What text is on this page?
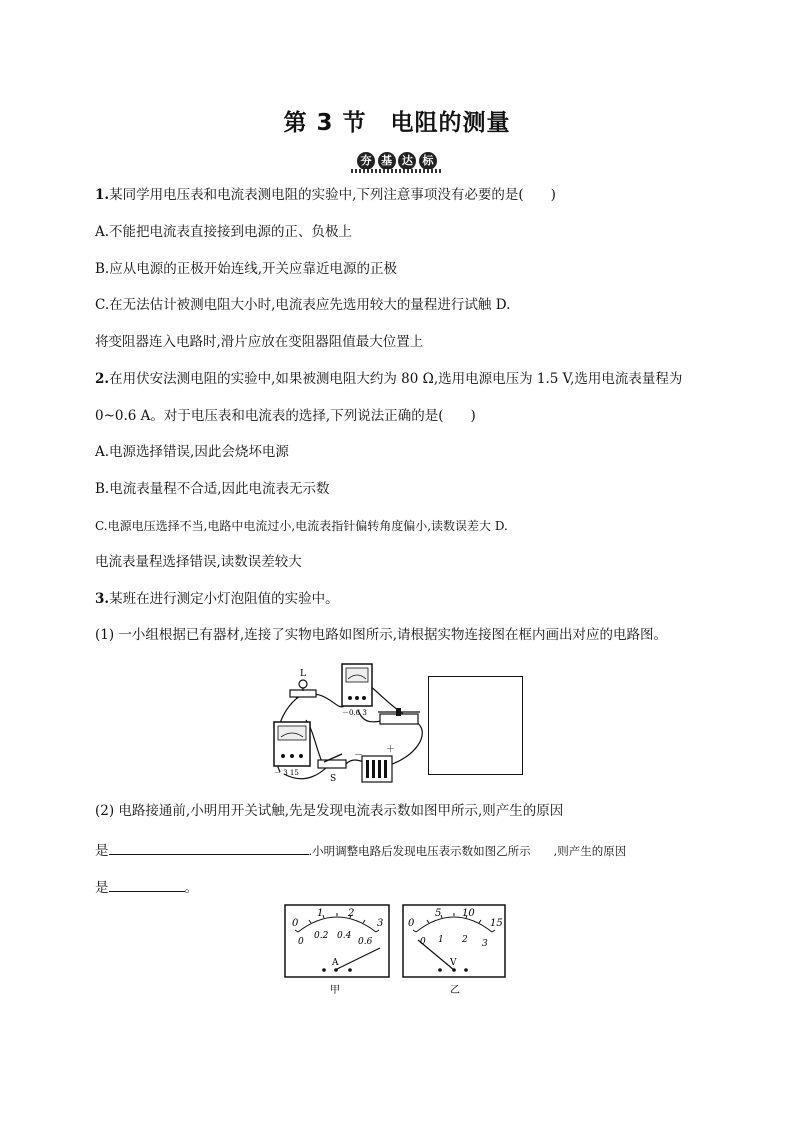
第 3 节　电阻的测量
夯 基 达 标
1.某同学用电压表和电流表测电阻的实验中,下列注意事项没有必要的是(　　)
A.不能把电流表直接接到电源的正、负极上
B.应从电源的正极开始连线,开关应靠近电源的正极
C.在无法估计被测电阻大小时,电流表应先选用较大的量程进行试触 D.
将变阻器连入电路时,滑片应放在变阻器阻值最大位置上
2.在用伏安法测电阻的实验中,如果被测电阻大约为 80 Ω,选用电源电压为 1.5 V,选用电流表量程为
0~0.6 A。对于电压表和电流表的选择,下列说法正确的是(　　)
A.电源选择错误,因此会烧坏电源
B.电流表量程不合适,因此电流表无示数
C.电源电压选择不当,电路中电流过小,电流表指针偏转角度偏小,读数误差大 D.
电流表量程选择错误,读数误差较大
3.某班在进行测定小灯泡阻值的实验中。
(1) 一小组根据已有器材,连接了实物电路如图所示,请根据实物连接图在框内画出对应的电路图。
L
－0.6 3
－ 3 15
S
－
＋
(2) 电路接通前,小明用开关试触,先是发现电流表示数如图甲所示,则产生的原因
是	.小明调整电路后发现电压表示数如图乙所示　　,则产生的原因
是	。
0
1 2
3
0
0.2 0.4
0.6
A
甲
0
5 10
15
0 1 2 3
V
乙
